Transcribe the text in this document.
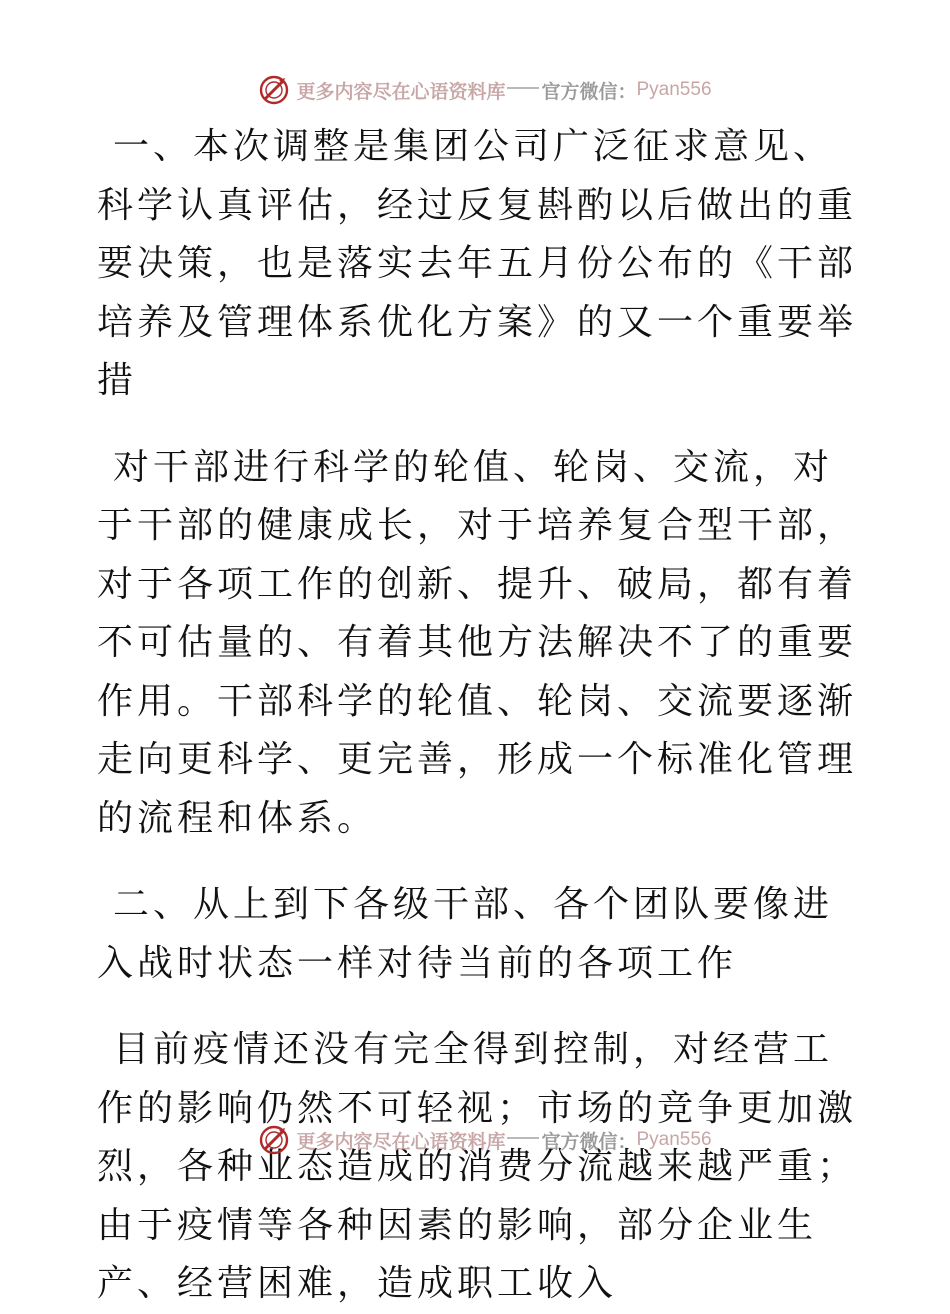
更多内容尽在心语资料库 官方微信： Pyan556

一、本次调整是集团公司广泛征求意见、科学认真评估，经过反复斟酌以后做出的重要决策，也是落实去年五月份公布的《干部培养及管理体系优化方案》的又一个重要举措

对干部进行科学的轮值、轮岗、交流，对于干部的健康成长，对于培养复合型干部，对于各项工作的创新、提升、破局，都有着不可估量的、有着其他方法解决不了的重要作用。干部科学的轮值、轮岗、交流要逐渐走向更科学、更完善，形成一个标准化管理的流程和体系。

二、从上到下各级干部、各个团队要像进入战时状态一样对待当前的各项工作

目前疫情还没有完全得到控制，对经营工作的影响仍然不可轻视；市场的竞争更加激烈，各种业态造成的消费分流越来越严重；由于疫情等各种因素的影响，部分企业生产、经营困难，造成职工收入

更多内容尽在心语资料库 官方微信： Pyan556
